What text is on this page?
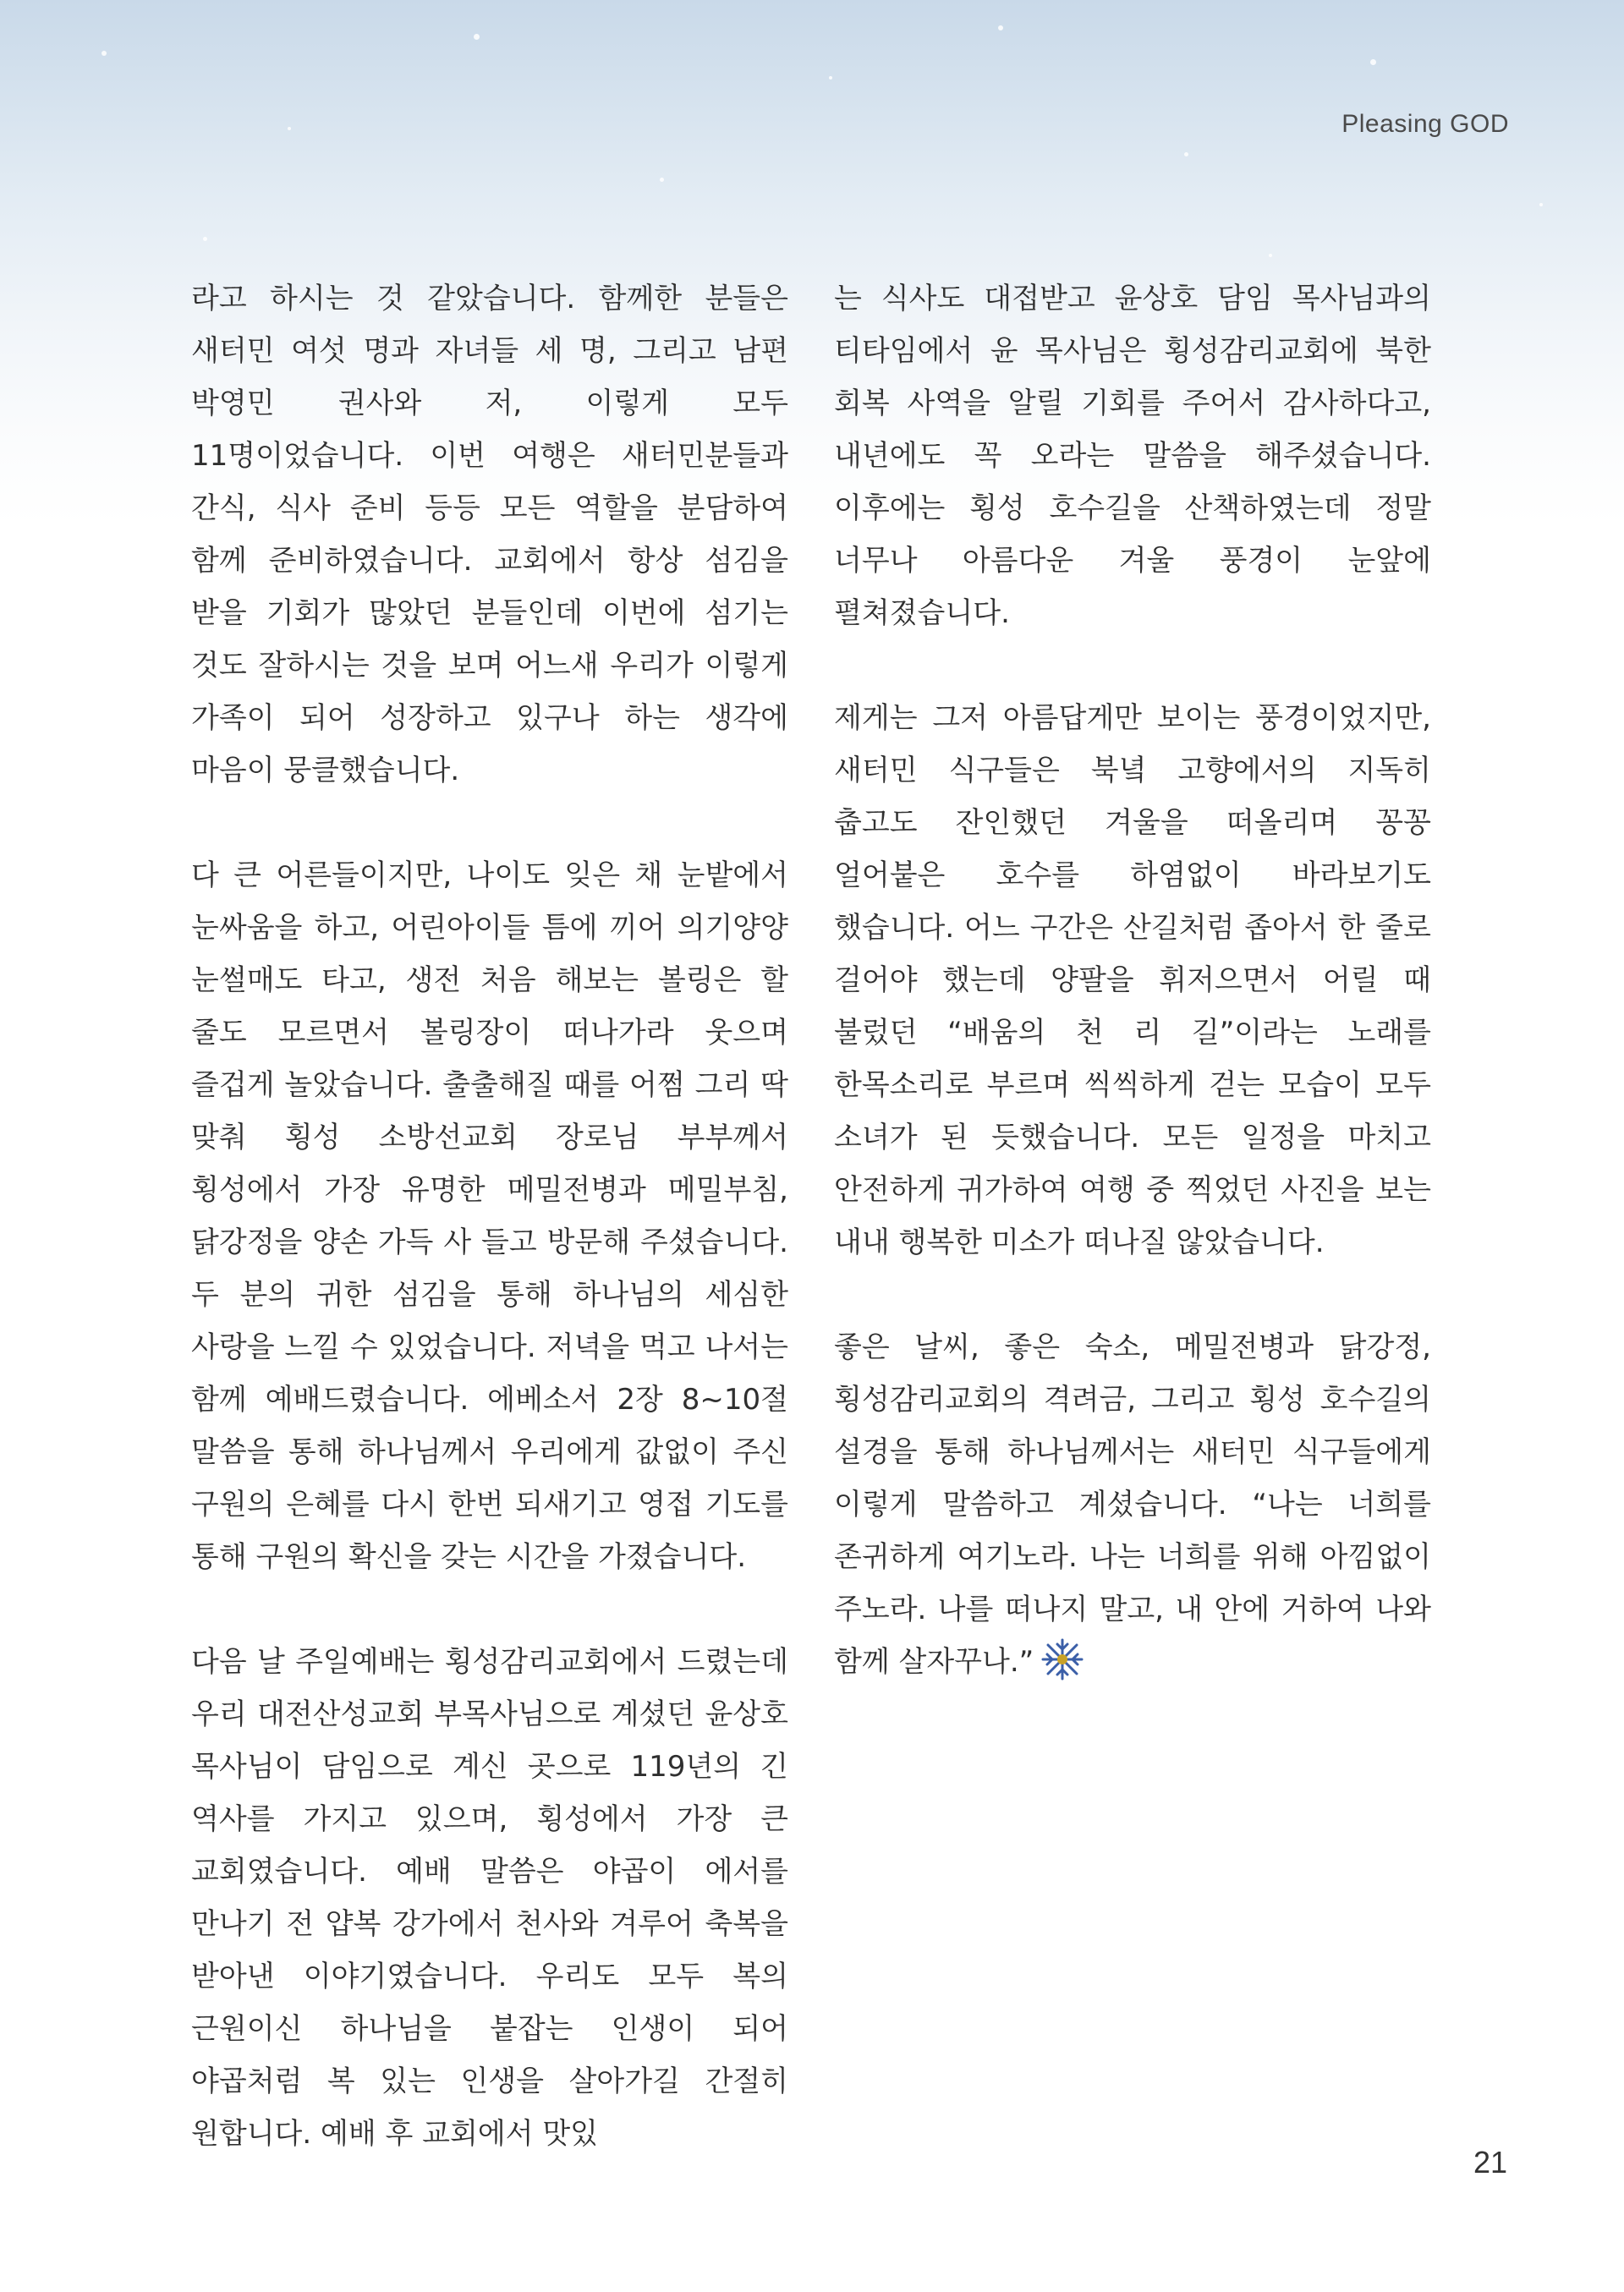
Pleasing GOD

라고 하시는 것 같았습니다. 함께한 분들은 새터민 여섯 명과 자녀들 세 명, 그리고 남편 박영민 권사와 저, 이렇게 모두 11명이었습니다. 이번 여행은 새터민분들과 간식, 식사 준비 등등 모든 역할을 분담하여 함께 준비하였습니다. 교회에서 항상 섬김을 받을 기회가 많았던 분들인데 이번에 섬기는 것도 잘하시는 것을 보며 어느새 우리가 이렇게 가족이 되어 성장하고 있구나 하는 생각에 마음이 뭉클했습니다.

다 큰 어른들이지만, 나이도 잊은 채 눈밭에서 눈싸움을 하고, 어린아이들 틈에 끼어 의기양양 눈썰매도 타고, 생전 처음 해보는 볼링은 할 줄도 모르면서 볼링장이 떠나가라 웃으며 즐겁게 놀았습니다. 출출해질 때를 어쩜 그리 딱 맞춰 횡성 소방선교회 장로님 부부께서 횡성에서 가장 유명한 메밀전병과 메밀부침, 닭강정을 양손 가득 사 들고 방문해 주셨습니다. 두 분의 귀한 섬김을 통해 하나님의 세심한 사랑을 느낄 수 있었습니다. 저녁을 먹고 나서는 함께 예배드렸습니다. 에베소서 2장 8~10절 말씀을 통해 하나님께서 우리에게 값없이 주신 구원의 은혜를 다시 한번 되새기고 영접 기도를 통해 구원의 확신을 갖는 시간을 가졌습니다.

다음 날 주일예배는 횡성감리교회에서 드렸는데 우리 대전산성교회 부목사님으로 계셨던 윤상호 목사님이 담임으로 계신 곳으로 119년의 긴 역사를 가지고 있으며, 횡성에서 가장 큰 교회였습니다. 예배 말씀은 야곱이 에서를 만나기 전 얍복 강가에서 천사와 겨루어 축복을 받아낸 이야기였습니다. 우리도 모두 복의 근원이신 하나님을 붙잡는 인생이 되어 야곱처럼 복 있는 인생을 살아가길 간절히 원합니다. 예배 후 교회에서 맛있

는 식사도 대접받고 윤상호 담임 목사님과의 티타임에서 윤 목사님은 횡성감리교회에 북한 회복 사역을 알릴 기회를 주어서 감사하다고, 내년에도 꼭 오라는 말씀을 해주셨습니다. 이후에는 횡성 호수길을 산책하였는데 정말 너무나 아름다운 겨울 풍경이 눈앞에 펼쳐졌습니다.

제게는 그저 아름답게만 보이는 풍경이었지만, 새터민 식구들은 북녘 고향에서의 지독히 춥고도 잔인했던 겨울을 떠올리며 꽁꽁 얼어붙은 호수를 하염없이 바라보기도 했습니다. 어느 구간은 산길처럼 좁아서 한 줄로 걸어야 했는데 양팔을 휘저으면서 어릴 때 불렀던 “배움의 천 리 길”이라는 노래를 한목소리로 부르며 씩씩하게 걷는 모습이 모두 소녀가 된 듯했습니다. 모든 일정을 마치고 안전하게 귀가하여 여행 중 찍었던 사진을 보는 내내 행복한 미소가 떠나질 않았습니다.

좋은 날씨, 좋은 숙소, 메밀전병과 닭강정, 횡성감리교회의 격려금, 그리고 횡성 호수길의 설경을 통해 하나님께서는 새터민 식구들에게 이렇게 말씀하고 계셨습니다. “나는 너희를 존귀하게 여기노라. 나는 너희를 위해 아낌없이 주노라. 나를 떠나지 말고, 내 안에 거하여 나와 함께 살자꾸나.”

21
